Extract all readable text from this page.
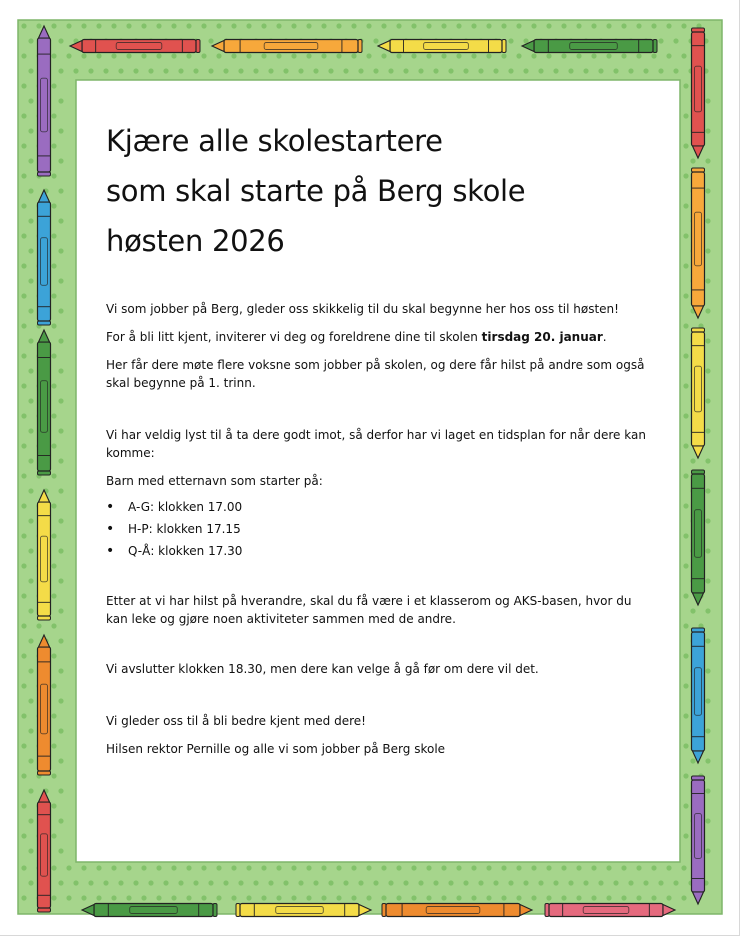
Kjære alle skolestartere
som skal starte på Berg skole
høsten 2026

Vi som jobber på Berg, gleder oss skikkelig til du skal begynne her hos oss til høsten!

For å bli litt kjent, inviterer vi deg og foreldrene dine til skolen tirsdag 20. januar.

Her får dere møte flere voksne som jobber på skolen, og dere får hilst på andre som også skal begynne på 1. trinn.

Vi har veldig lyst til å ta dere godt imot, så derfor har vi laget en tidsplan for når dere kan komme:

Barn med etternavn som starter på:

• A-G: klokken 17.00
• H-P: klokken 17.15
• Q-Å: klokken 17.30

Etter at vi har hilst på hverandre, skal du få være i et klasserom og AKS-basen, hvor du kan leke og gjøre noen aktiviteter sammen med de andre.

Vi avslutter klokken 18.30, men dere kan velge å gå før om dere vil det.

Vi gleder oss til å bli bedre kjent med dere!

Hilsen rektor Pernille og alle vi som jobber på Berg skole
